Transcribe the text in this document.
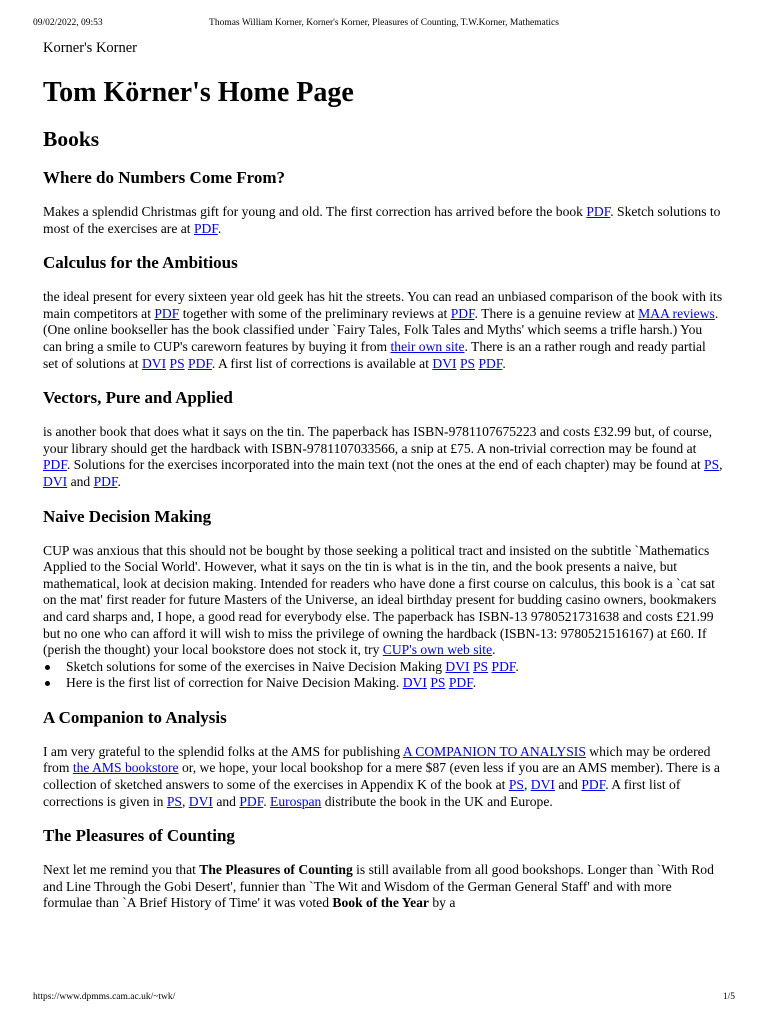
09/02/2022, 09:53	Thomas William Korner, Korner's Korner, Pleasures of Counting, T.W.Korner, Mathematics
Korner's Korner
Tom Körner's Home Page
Books
Where do Numbers Come From?

Makes a splendid Christmas gift for young and old. The first correction has arrived before the book PDF. Sketch solutions to most of the exercises are at PDF.

Calculus for the Ambitious

the ideal present for every sixteen year old geek has hit the streets. You can read an unbiased comparison of the book with its main competitors at PDF together with some of the preliminary reviews at PDF. There is a genuine review at MAA reviews. (One online bookseller has the book classified under `Fairy Tales, Folk Tales and Myths' which seems a trifle harsh.) You can bring a smile to CUP's careworn features by buying it from their own site. There is an a rather rough and ready partial set of solutions at DVI PS PDF. A first list of corrections is available at DVI PS PDF.

Vectors, Pure and Applied

is another book that does what it says on the tin. The paperback has ISBN-9781107675223 and costs £32.99 but, of course, your library should get the hardback with ISBN-9781107033566, a snip at £75. A non-trivial correction may be found at PDF. Solutions for the exercises incorporated into the main text (not the ones at the end of each chapter) may be found at PS, DVI and PDF.

Naive Decision Making

CUP was anxious that this should not be bought by those seeking a political tract and insisted on the subtitle `Mathematics Applied to the Social World'. However, what it says on the tin is what is in the tin, and the book presents a naive, but mathematical, look at decision making. Intended for readers who have done a first course on calculus, this book is a `cat sat on the mat' first reader for future Masters of the Universe, an ideal birthday present for budding casino owners, bookmakers and card sharps and, I hope, a good read for everybody else. The paperback has ISBN-13 9780521731638 and costs £21.99 but no one who can afford it will wish to miss the privilege of owning the hardback (ISBN-13: 9780521516167) at £60. If (perish the thought) your local bookstore does not stock it, try CUP's own web site.

Sketch solutions for some of the exercises in Naive Decision Making DVI PS PDF.
Here is the first list of correction for Naive Decision Making. DVI PS PDF.
A Companion to Analysis

I am very grateful to the splendid folks at the AMS for publishing A COMPANION TO ANALYSIS which may be ordered from the AMS bookstore or, we hope, your local bookshop for a mere $87 (even less if you are an AMS member). There is a collection of sketched answers to some of the exercises in Appendix K of the book at PS, DVI and PDF. A first list of corrections is given in PS, DVI and PDF. Eurospan distribute the book in the UK and Europe.

The Pleasures of Counting

Next let me remind you that The Pleasures of Counting is still available from all good bookshops. Longer than `With Rod and Line Through the Gobi Desert', funnier than `The Wit and Wisdom of the German General Staff' and with more formulae than `A Brief History of Time' it was voted Book of the Year by a

https://www.dpmms.cam.ac.uk/~twk/	1/5
